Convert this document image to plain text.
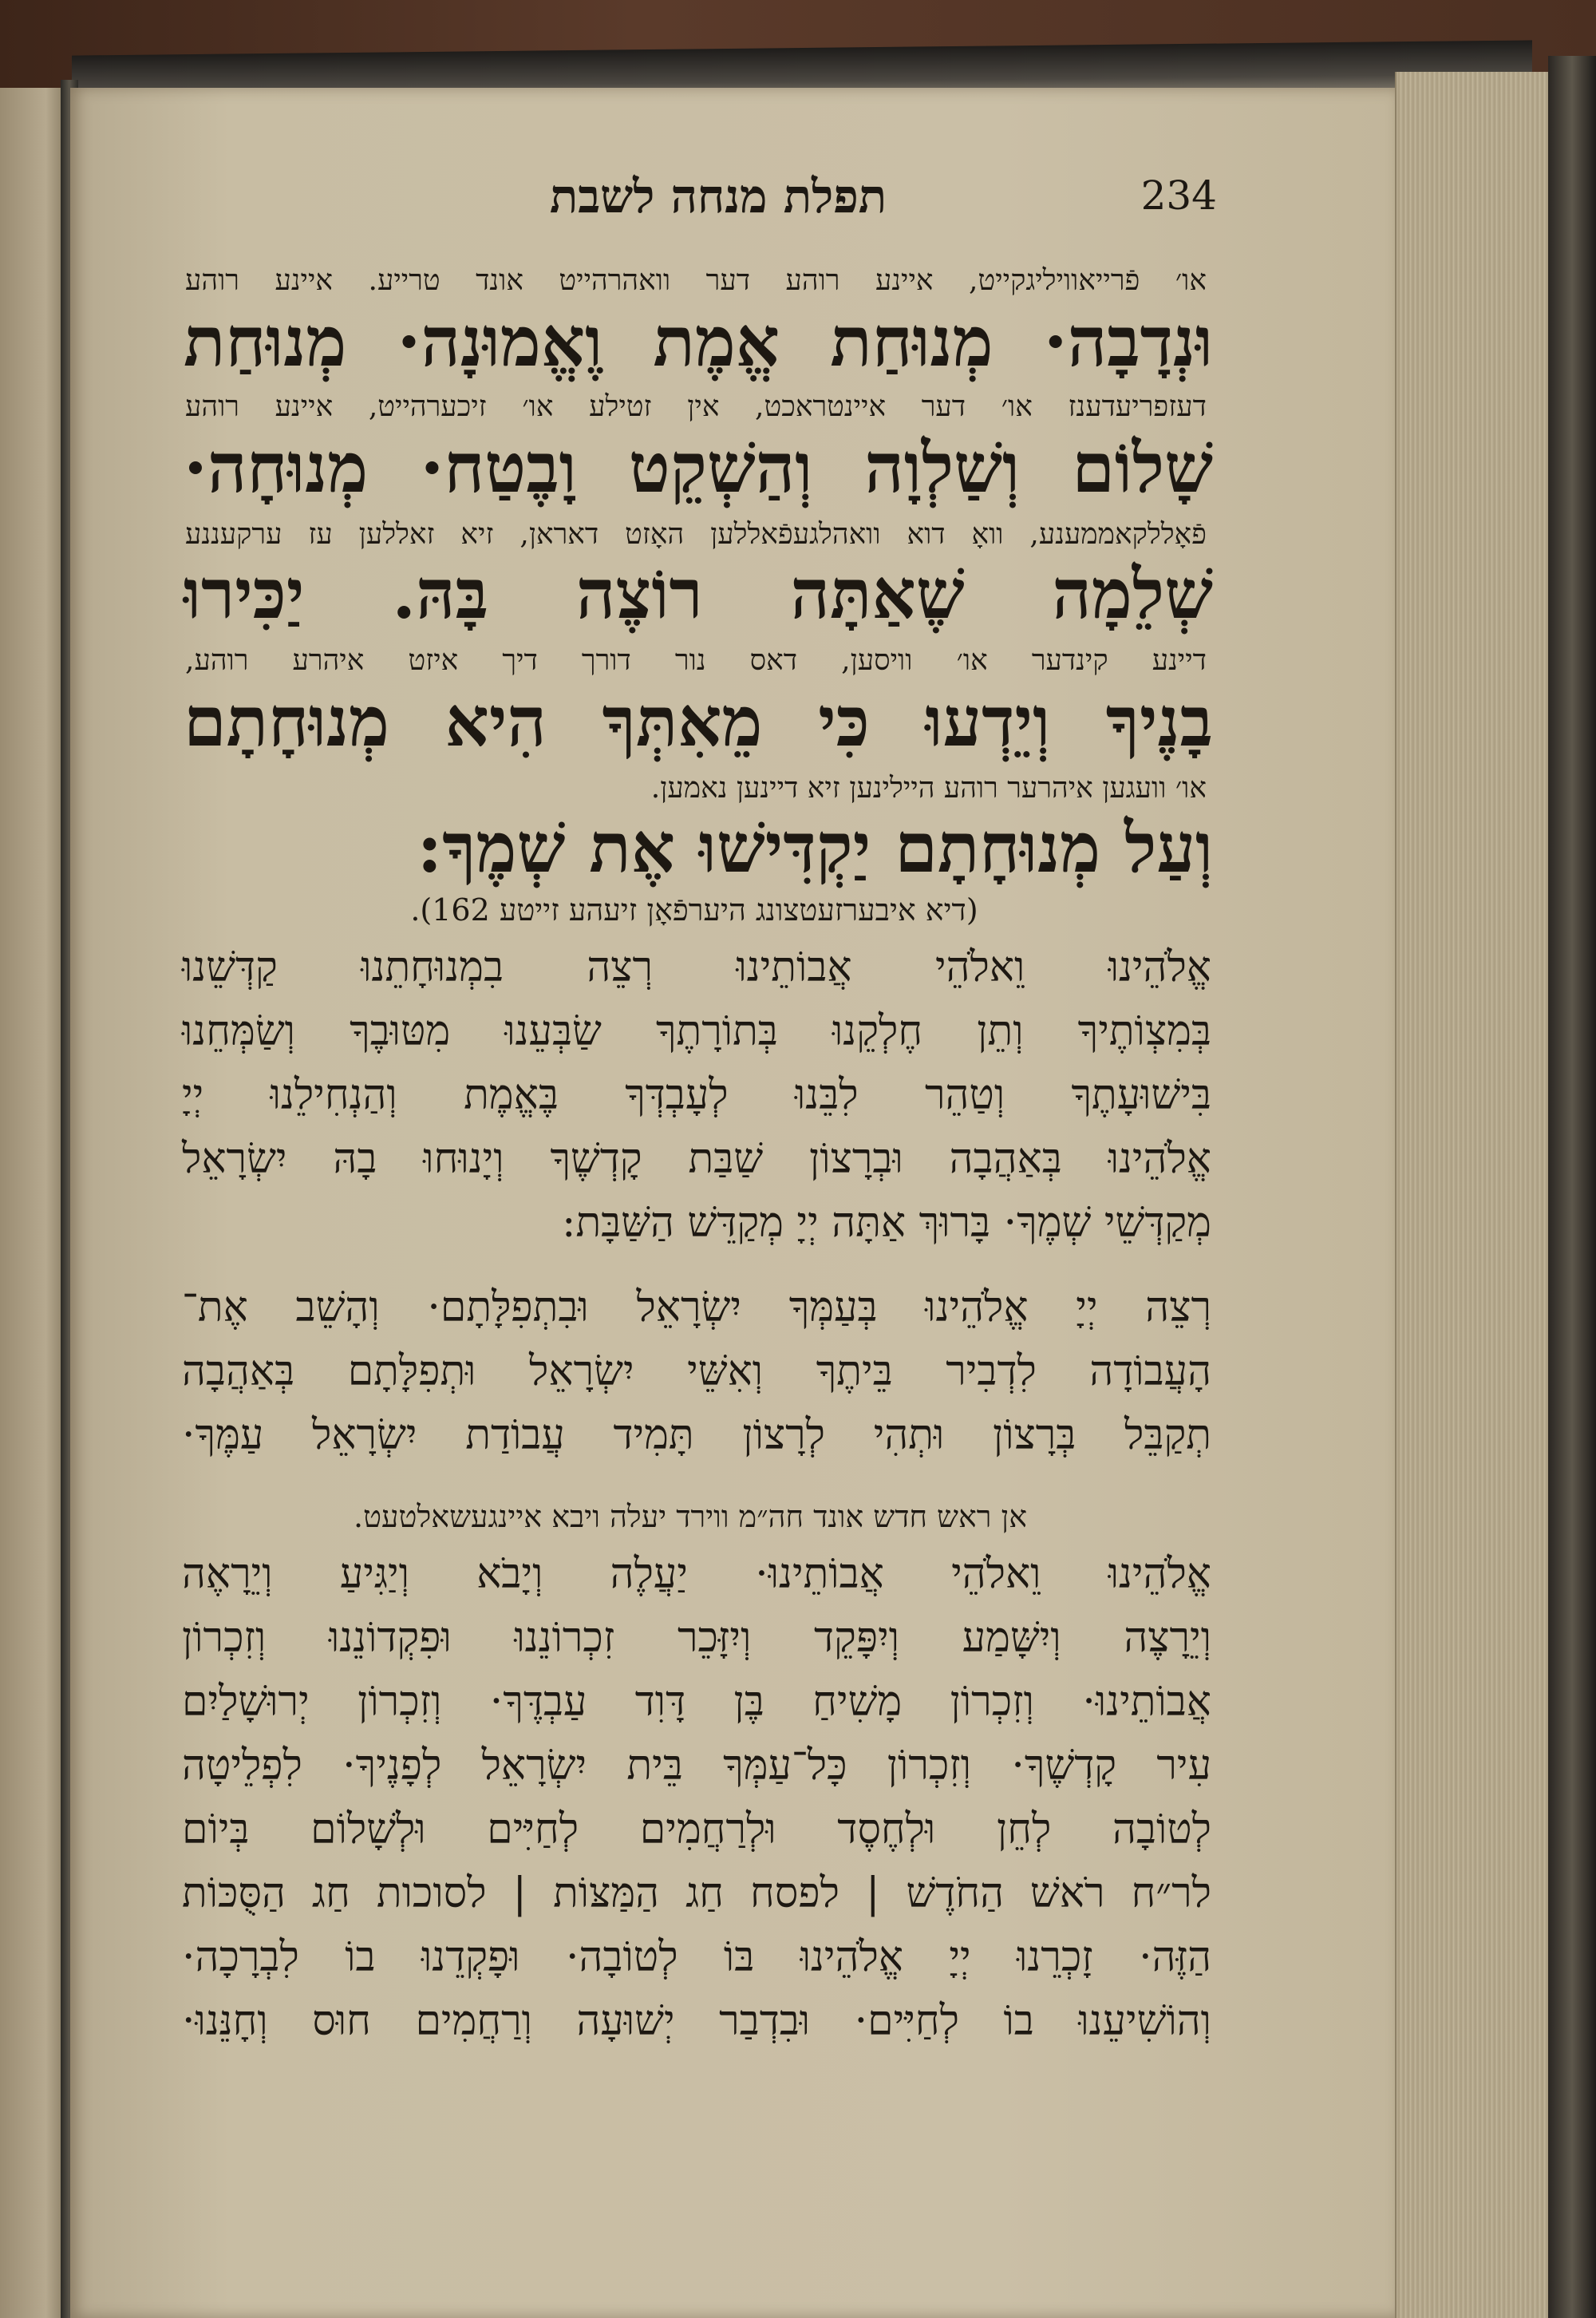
תפלת מנחה לשבת	234
או׳ פֿרייאוויליגקייט, איינע רוהע דער וואהרהייט אונד טרייע. איינע רוהע
וּנְדָבָה· מְנוּחַת אֱמֶת וֶאֱמוּנָה· מְנוּחַת
דעזפריעדענז או׳ דער איינטראכט, אין זטילע או׳ זיכערהייט, איינע רוהע
שָׁלוֹם וְשַׁלְוָה וְהַשְׁקֵט וָבֶטַח· מְנוּחָה·
פֿאָללקאממענע, וואָ דוא וואהלגעפֿאללען האָזט דאראן, זיא זאללען עז ערקעננע
שְׁלֵמָה שֶׁאַתָּה רוֹצֶה בָּהּ. יַכִּירוּ
דיינע קינדער או׳ וויסען, דאס נור דורך דיך איזט איהרע רוהע,
בָנֶיךָ וְיֵדְעוּ כִּי מֵאִתְּךָ הִיא מְנוּחָתָם
או׳ וועגען איהרער רוהע היילינען זיא דיינען נאמען.
וְעַל מְנוּחָתָם יַקְדִּישׁוּ אֶת שְׁמֶךָ:
(דיא איבערזעטצונג היערפֿאָן זיעהע זייטע 162).
אֱלֹהֵינוּ וֵאלֹהֵי אֲבוֹתֵינוּ רְצֵה בִמְנוּחָתֵנוּ קַדְּשֵׁנוּ
בְּמִצְוֹתֶיךָ וְתֵן חֶלְקֵנוּ בְּתוֹרָתֶךָ שַׂבְּעֵנוּ מִטּוּבֶךָ וְשַׂמְּחֵנוּ
בִּישׁוּעָתֶךָ וְטַהֵר לִבֵּנוּ לְעָבְדְּךָ בֶּאֱמֶת וְהַנְחִילֵנוּ יְיָ
אֱלֹהֵינוּ בְּאַהֲבָה וּבְרָצוֹן שַׁבַּת קָדְשֶׁךָ וְיָנוּחוּ בָהּ יִשְׂרָאֵל
מְקַדְּשֵׁי שְׁמֶךָ· בָּרוּךְ אַתָּה יְיָ מְקַדֵּשׁ הַשַּׁבָּת:
רְצֵה יְיָ אֱלֹהֵינוּ בְּעַמְּךָ יִשְׂרָאֵל וּבִתְפִלָּתָם· וְהָשֵׁב אֶת־
הָעֲבוֹדָה לִדְבִיר בֵּיתֶךָ וְאִשֵּׁי יִשְׂרָאֵל וּתְפִלָּתָם בְּאַהֲבָה
תְקַבֵּל בְּרָצוֹן וּתְהִי לְרָצוֹן תָּמִיד עֲבוֹדַת יִשְׂרָאֵל עַמֶּךָ·
אן ראש חדש אונד חה״מ ווירד יעלה ויבא איינגעשאלטעט.
אֱלֹהֵינוּ וֵאלֹהֵי אֲבוֹתֵינוּ· יַעֲלֶה וְיָבֹא וְיַגִּיעַ וְיֵרָאֶה
וְיֵרָצֶה וְיִשָּׁמַע וְיִפָּקֵד וְיִזָּכֵר זִכְרוֹנֵנוּ וּפִקְדוֹנֵנוּ וְזִכְרוֹן
אֲבוֹתֵינוּ· וְזִכְרוֹן מָשִׁיחַ בֶּן דָּוִד עַבְדֶּךָ· וְזִכְרוֹן יְרוּשָׁלַיִם
עִיר קָדְשֶׁךָ· וְזִכְרוֹן כָּל־עַמְּךָ בֵּית יִשְׂרָאֵל לְפָנֶיךָ· לִפְלֵיטָה
לְטוֹבָה לְחֵן וּלְחֶסֶד וּלְרַחֲמִים לְחַיִּים וּלְשָׁלוֹם בְּיוֹם
לר״ח רֹאשׁ הַחֹדֶשׁ | לפסח חַג הַמַּצּוֹת | לסוכות חַג הַסֻּכּוֹת
הַזֶּה· זָכְרֵנוּ יְיָ אֱלֹהֵינוּ בּוֹ לְטוֹבָה· וּפָקְדֵנוּ בוֹ לִבְרָכָה·
וְהוֹשִׁיעֵנוּ בוֹ לְחַיִּים· וּבִדְבַר יְשׁוּעָה וְרַחֲמִים חוּס וְחָנֵּנוּ·
